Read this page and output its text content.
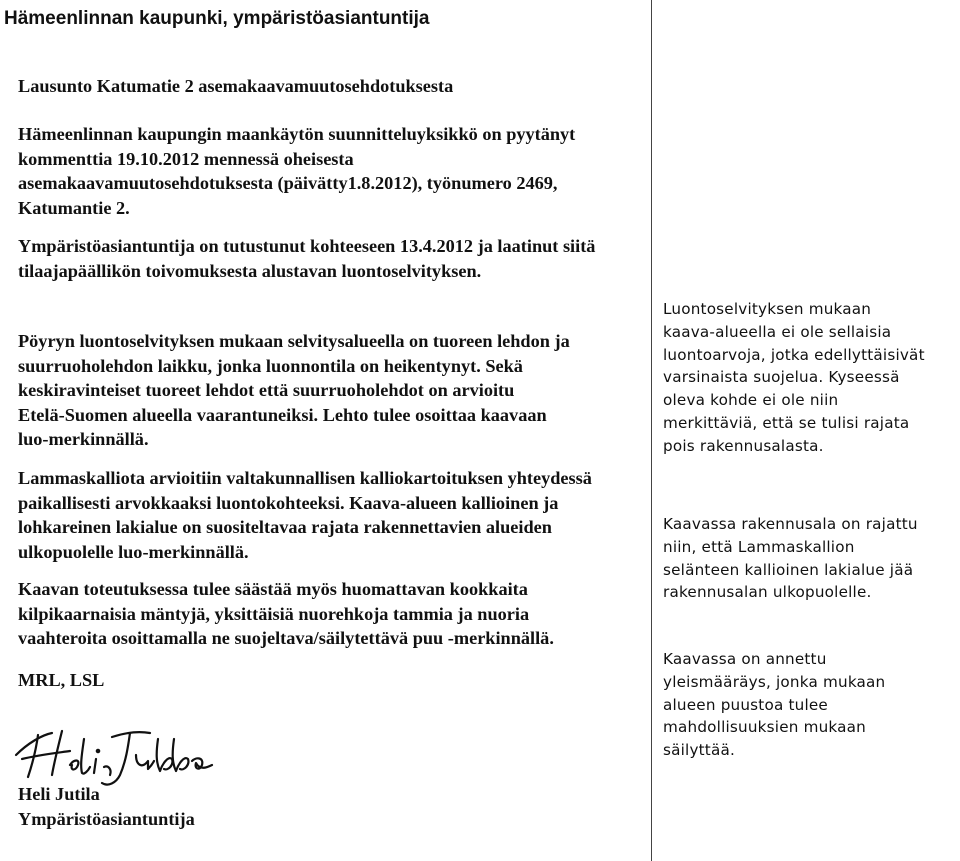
Hämeenlinnan kaupunki, ympäristöasiantuntija

Lausunto Katumatie 2 asemakaavamuutosehdotuksesta

Hämeenlinnan kaupungin maankäytön suunnitteluyksikkö on pyytänyt
kommenttia 19.10.2012 mennessä oheisesta
asemakaavamuutosehdotuksesta (päivätty1.8.2012), työnumero 2469,
Katumantie 2.

Ympäristöasiantuntija on tutustunut kohteeseen 13.4.2012 ja laatinut siitä
tilaajapäällikön toivomuksesta alustavan luontoselvityksen.

Pöyryn luontoselvityksen mukaan selvitysalueella on tuoreen lehdon ja
suurruoholehdon laikku, jonka luonnontila on heikentynyt. Sekä
keskiravinteiset tuoreet lehdot että suurruoholehdot on arvioitu
Etelä-Suomen alueella vaarantuneiksi. Lehto tulee osoittaa kaavaan
luo-merkinnällä.

Lammaskalliota arvioitiin valtakunnallisen kalliokartoituksen yhteydessä
paikallisesti arvokkaaksi luontokohteeksi. Kaava-alueen kallioinen ja
lohkareinen lakialue on suositeltavaa rajata rakennettavien alueiden
ulkopuolelle luo-merkinnällä.

Kaavan toteutuksessa tulee säästää myös huomattavan kookkaita
kilpikaarnaisia mäntyjä, yksittäisiä nuorehkoja tammia ja nuoria
vaahteroita osoittamalla ne suojeltava/säilytettävä puu -merkinnällä.

MRL, LSL

Heli Jutila
Ympäristöasiantuntija

Luontoselvityksen mukaan
kaava-alueella ei ole sellaisia
luontoarvoja, jotka edellyttäisivät
varsinaista suojelua. Kyseessä
oleva kohde ei ole niin
merkittäviä, että se tulisi rajata
pois rakennusalasta.

Kaavassa rakennusala on rajattu
niin, että Lammaskallion
selänteen kallioinen lakialue jää
rakennusalan ulkopuolelle.

Kaavassa on annettu
yleismääräys, jonka mukaan
alueen puustoa tulee
mahdollisuuksien mukaan
säilyttää.
